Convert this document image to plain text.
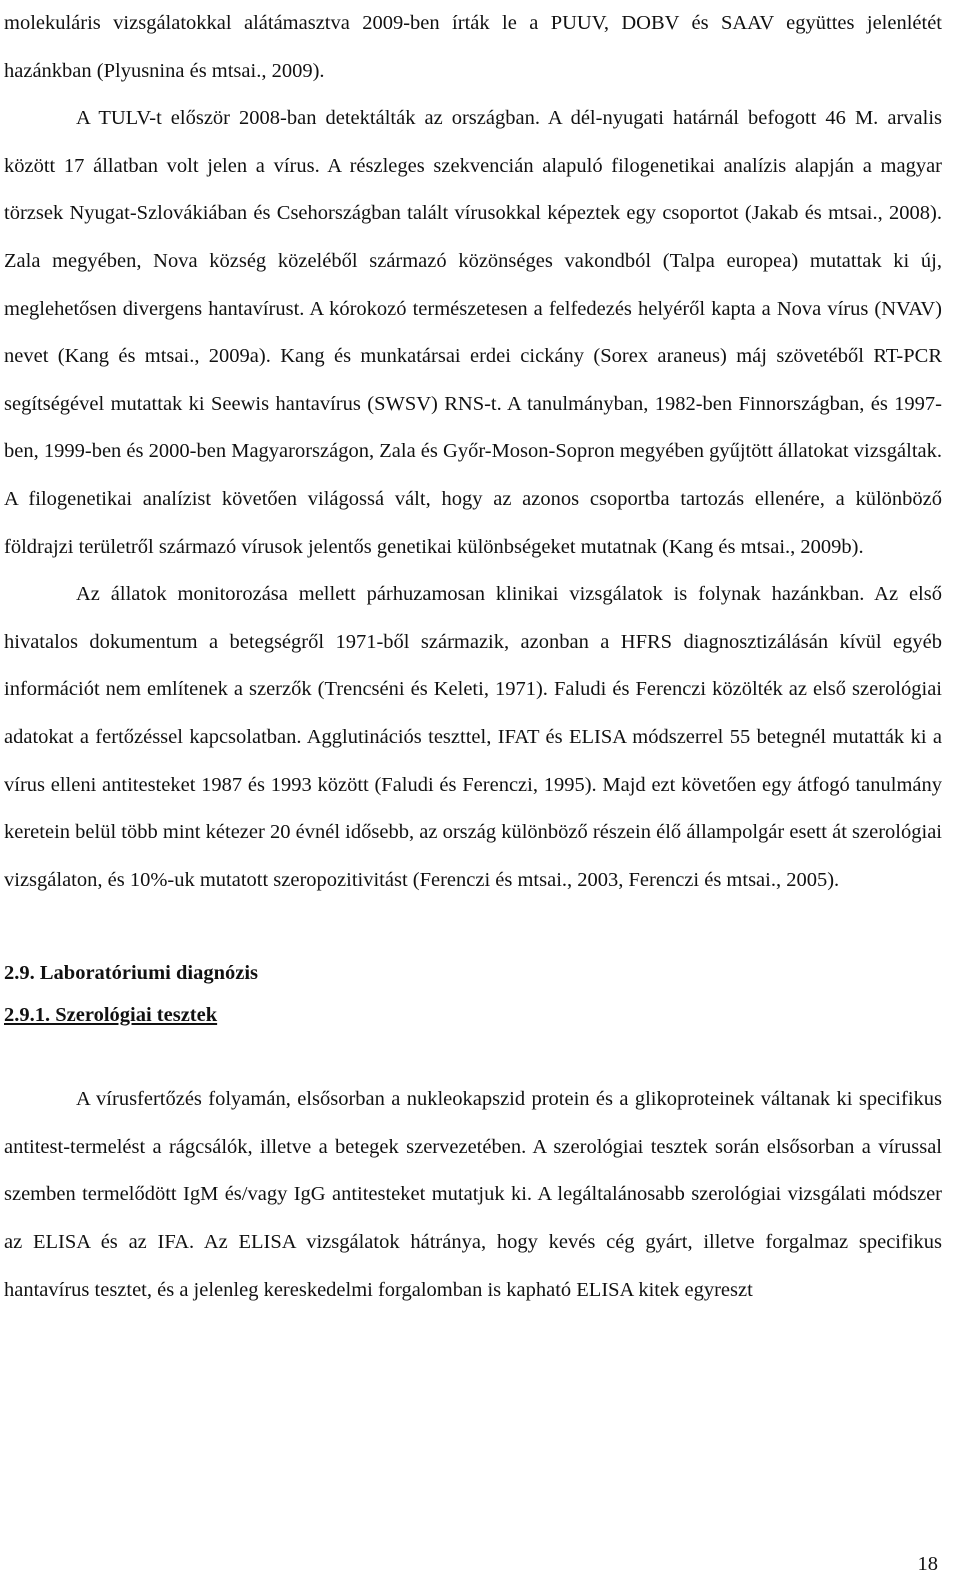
molekuláris vizsgálatokkal alátámasztva 2009-ben írták le a PUUV, DOBV és SAAV együttes jelenlétét hazánkban (Plyusnina és mtsai., 2009).

A TULV-t először 2008-ban detektálták az országban. A dél-nyugati határnál befogott 46 M. arvalis között 17 állatban volt jelen a vírus. A részleges szekvencián alapuló filogenetikai analízis alapján a magyar törzsek Nyugat-Szlovákiában és Csehországban talált vírusokkal képeztek egy csoportot (Jakab és mtsai., 2008). Zala megyében, Nova község közeléből származó közönséges vakondból (Talpa europea) mutattak ki új, meglehetősen divergens hantavírust. A kórokozó természetesen a felfedezés helyéről kapta a Nova vírus (NVAV) nevet (Kang és mtsai., 2009a). Kang és munkatársai erdei cickány (Sorex araneus) máj szövetéből RT-PCR segítségével mutattak ki Seewis hantavírus (SWSV) RNS-t. A tanulmányban, 1982-ben Finnországban, és 1997-ben, 1999-ben és 2000-ben Magyarországon, Zala és Győr-Moson-Sopron megyében gyűjtött állatokat vizsgáltak. A filogenetikai analízist követően világossá vált, hogy az azonos csoportba tartozás ellenére, a különböző földrajzi területről származó vírusok jelentős genetikai különbségeket mutatnak (Kang és mtsai., 2009b).

Az állatok monitorozása mellett párhuzamosan klinikai vizsgálatok is folynak hazánkban. Az első hivatalos dokumentum a betegségről 1971-ből származik, azonban a HFRS diagnosztizálásán kívül egyéb információt nem említenek a szerzők (Trencséni és Keleti, 1971). Faludi és Ferenczi közölték az első szerológiai adatokat a fertőzéssel kapcsolatban. Agglutinációs teszttel, IFAT és ELISA módszerrel 55 betegnél mutatták ki a vírus elleni antitesteket 1987 és 1993 között (Faludi és Ferenczi, 1995). Majd ezt követően egy átfogó tanulmány keretein belül több mint kétezer 20 évnél idősebb, az ország különböző részein élő állampolgár esett át szerológiai vizsgálaton, és 10%-uk mutatott szeropozitivitást (Ferenczi és mtsai., 2003, Ferenczi és mtsai., 2005).

2.9. Laboratóriumi diagnózis
2.9.1. Szerológiai tesztek

A vírusfertőzés folyamán, elsősorban a nukleokapszid protein és a glikoproteinek váltanak ki specifikus antitest-termelést a rágcsálók, illetve a betegek szervezetében. A szerológiai tesztek során elsősorban a vírussal szemben termelődött IgM és/vagy IgG antitesteket mutatjuk ki. A legáltalánosabb szerológiai vizsgálati módszer az ELISA és az IFA. Az ELISA vizsgálatok hátránya, hogy kevés cég gyárt, illetve forgalmaz specifikus hantavírus tesztet, és a jelenleg kereskedelmi forgalomban is kapható ELISA kitek egyreszt

18
